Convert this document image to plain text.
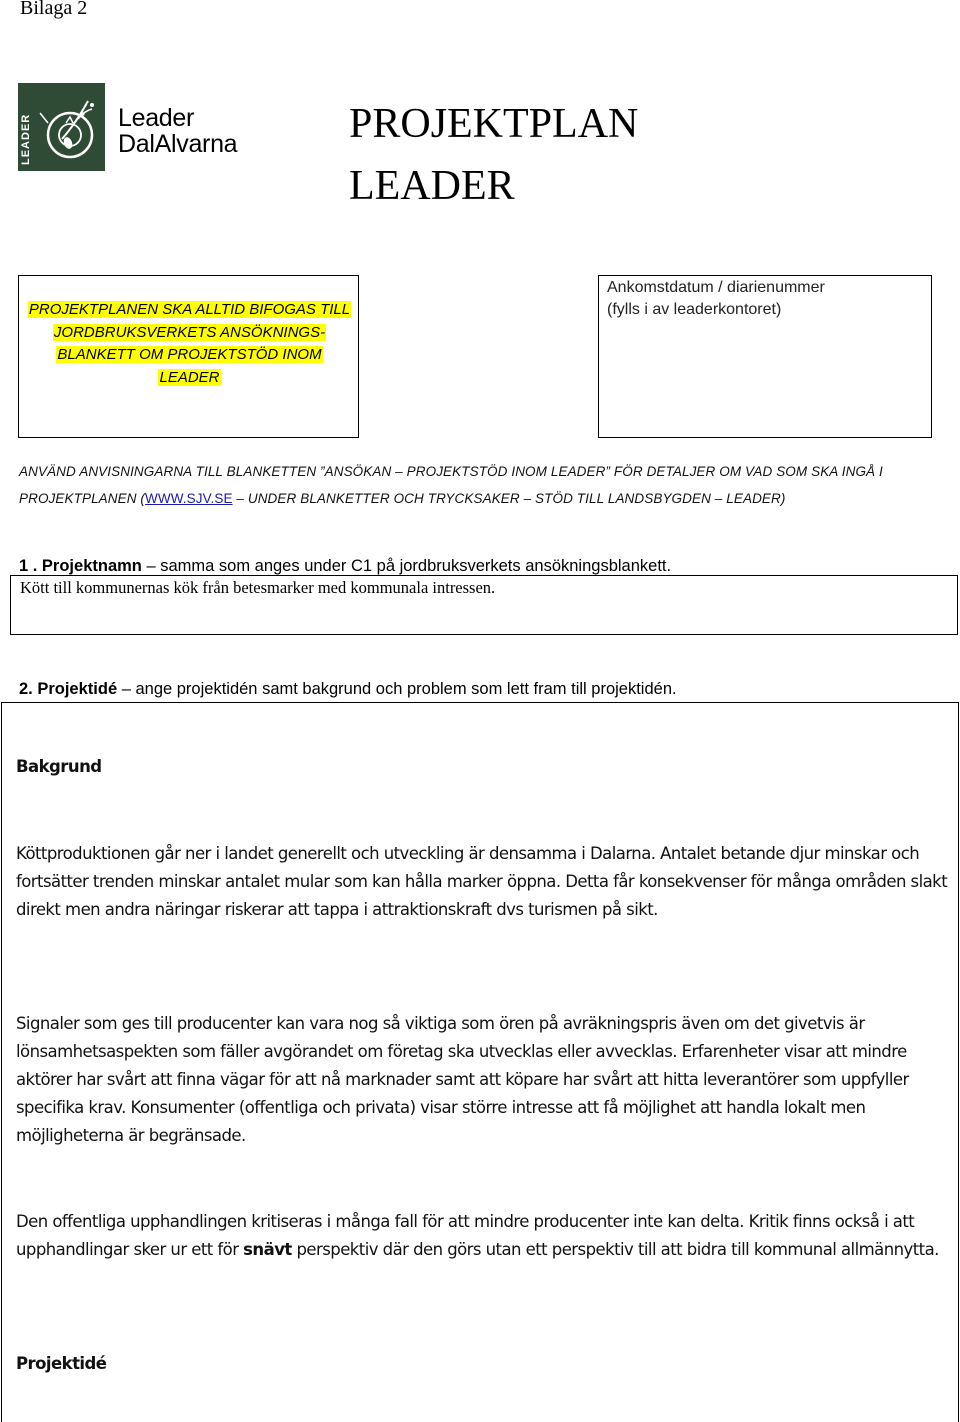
Bilaga 2
LEADER	Leader
DalAlvarna	PROJEKTPLAN
LEADER
PROJEKTPLANEN SKA ALLTID BIFOGAS TILL JORDBRUKSVERKETS ANSÖKNINGS-BLANKETT OM PROJEKTSTÖD INOM LEADER
Ankomstdatum / diarienummer
(fylls i av leaderkontoret)
ANVÄND ANVISNINGARNA TILL BLANKETTEN ”ANSÖKAN – PROJEKTSTÖD INOM LEADER” FÖR DETALJER OM VAD SOM SKA INGÅ I PROJEKTPLANEN (WWW.SJV.SE – UNDER BLANKETTER OCH TRYCKSAKER – STÖD TILL LANDSBYGDEN – LEADER)
1 . Projektnamn – samma som anges under C1 på jordbruksverkets ansökningsblankett.
Kött till kommunernas kök från betesmarker med kommunala intressen.
2. Projektidé – ange projektidén samt bakgrund och problem som lett fram till projektidén.
Bakgrund
Köttproduktionen går ner i landet generellt och utveckling är densamma i Dalarna. Antalet betande djur minskar och fortsätter trenden minskar antalet mular som kan hålla marker öppna. Detta får konsekvenser för många områden slakt direkt men andra näringar riskerar att tappa i attraktionskraft dvs turismen på sikt.
Signaler som ges till producenter kan vara nog så viktiga som ören på avräkningspris även om det givetvis är lönsamhetsaspekten som fäller avgörandet om företag ska utvecklas eller avvecklas. Erfarenheter visar att mindre aktörer har svårt att finna vägar för att nå marknader samt att köpare har svårt att hitta leverantörer som uppfyller specifika krav. Konsumenter (offentliga och privata) visar större intresse att få möjlighet att handla lokalt men möjligheterna är begränsade.
Den offentliga upphandlingen kritiseras i många fall för att mindre producenter inte kan delta. Kritik finns också i att upphandlingar sker ur ett för snävt perspektiv där den görs utan ett perspektiv till att bidra till kommunal allmännytta.
Projektidé
